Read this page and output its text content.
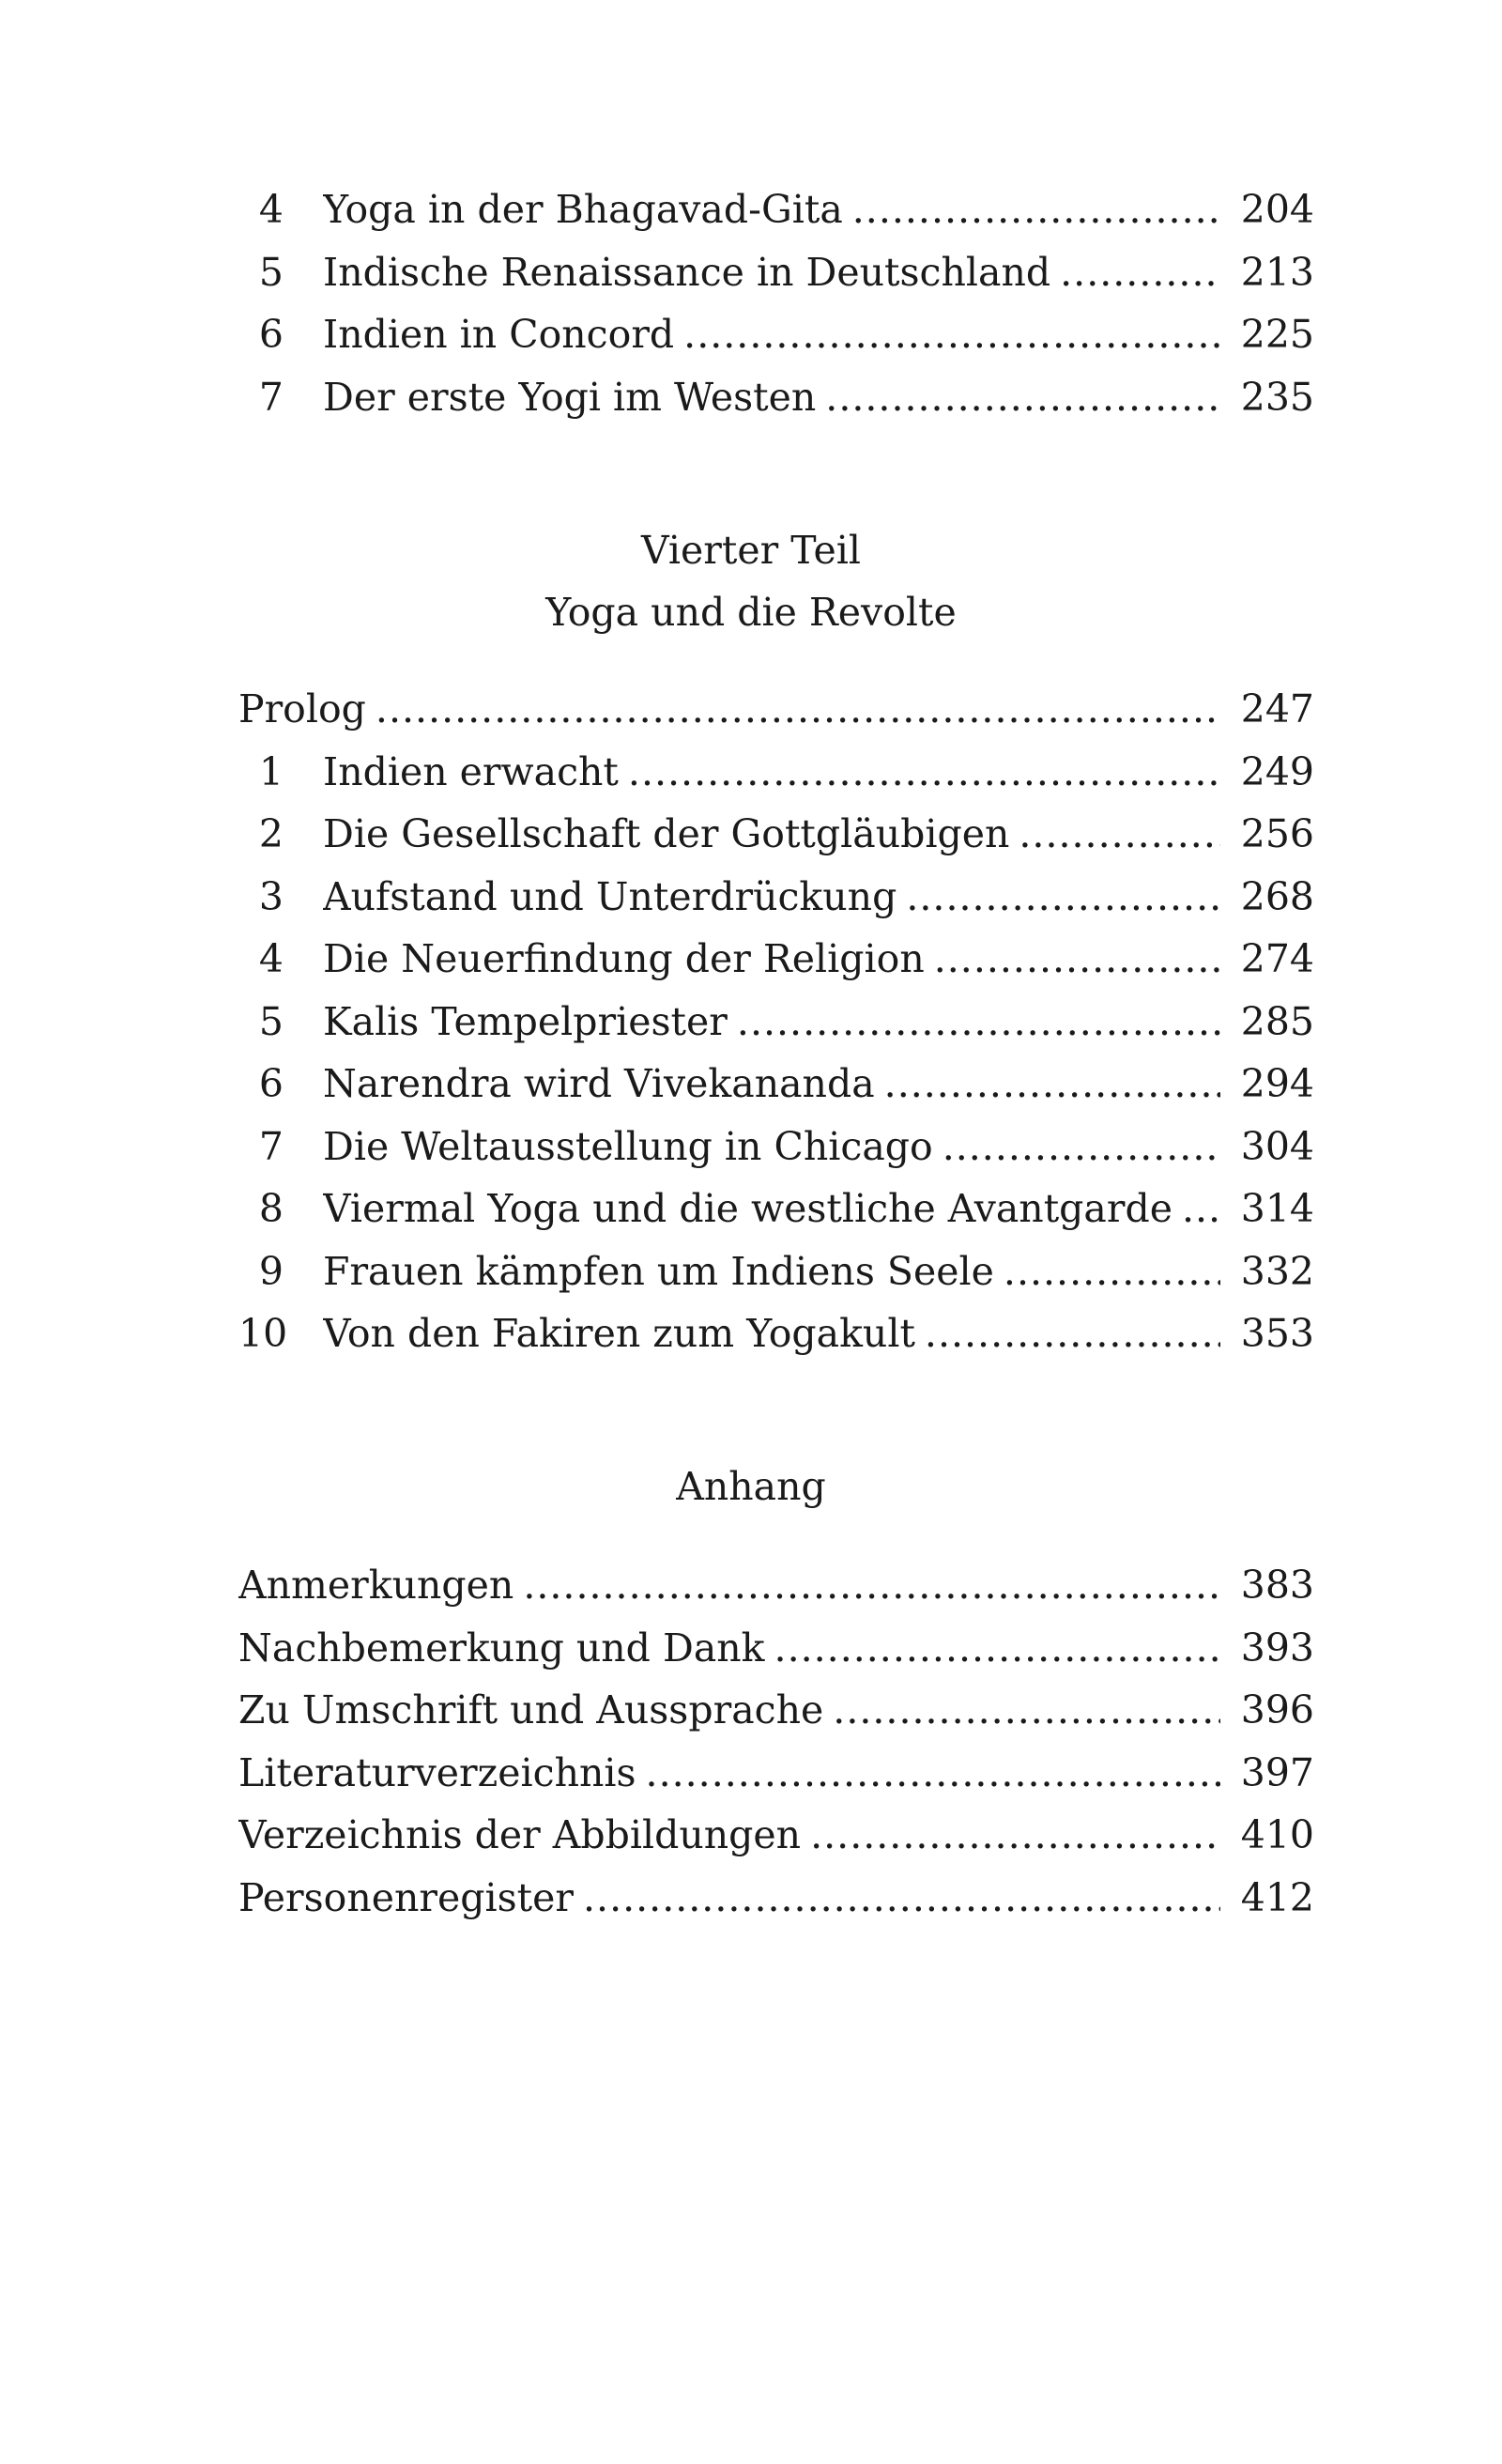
4 Yoga in der Bhagavad-Gita .....	204
5 Indische Renaissance in Deutschland .....	213
6 Indien in Concord .....	225
7 Der erste Yogi im Westen .....	235
Vierter Teil
Yoga und die Revolte
Prolog .....	247
1 Indien erwacht .....	249
2 Die Gesellschaft der Gottgläubigen .....	256
3 Aufstand und Unterdrückung .....	268
4 Die Neuerfindung der Religion .....	274
5 Kalis Tempelpriester .....	285
6 Narendra wird Vivekananda .....	294
7 Die Weltausstellung in Chicago .....	304
8 Viermal Yoga und die westliche Avantgarde .....	314
9 Frauen kämpfen um Indiens Seele .....	332
10 Von den Fakiren zum Yogakult .....	353
Anhang
Anmerkungen .....	383
Nachbemerkung und Dank .....	393
Zu Umschrift und Aussprache .....	396
Literaturverzeichnis .....	397
Verzeichnis der Abbildungen .....	410
Personenregister .....	412
